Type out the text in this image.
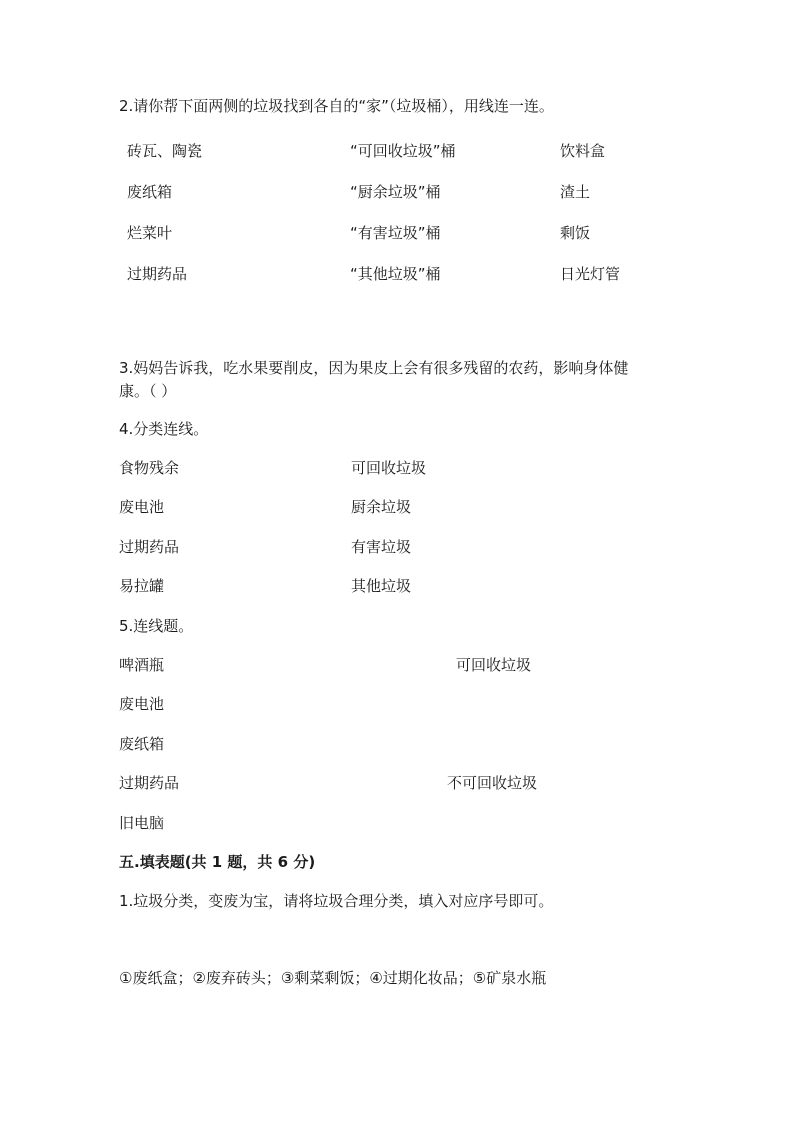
2.请你帮下面两侧的垃圾找到各自的“家”（垃圾桶），用线连一连。
砖瓦、陶瓷
废纸箱
烂菜叶
过期药品
“可回收垃圾”桶
“厨余垃圾”桶
“有害垃圾”桶
“其他垃圾”桶
饮料盒
渣土
剩饭
日光灯管
3.妈妈告诉我，吃水果要削皮，因为果皮上会有很多残留的农药，影响身体健
康。（ ）
4.分类连线。
食物残余
废电池
过期药品
易拉罐
可回收垃圾
厨余垃圾
有害垃圾
其他垃圾
5.连线题。
啤酒瓶
废电池
废纸箱
过期药品
旧电脑
可回收垃圾
不可回收垃圾
五.填表题(共 1 题，共 6 分)
1.垃圾分类，变废为宝，请将垃圾合理分类，填入对应序号即可。
①废纸盒；②废弃砖头；③剩菜剩饭；④过期化妆品；⑤矿泉水瓶
